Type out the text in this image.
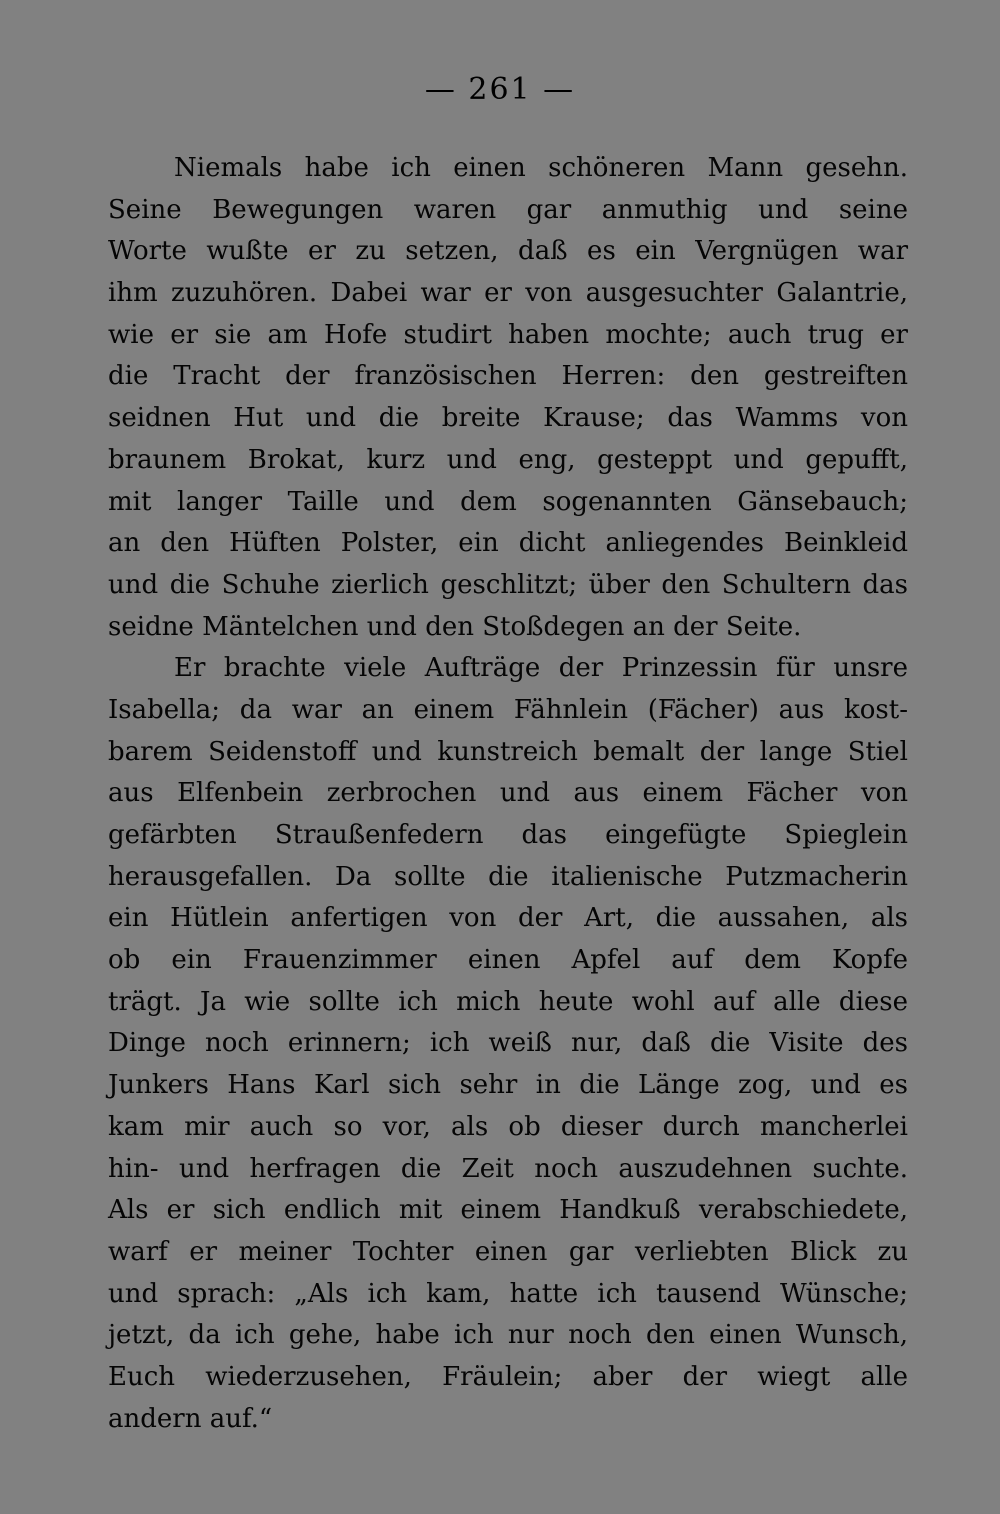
— 261 —
Niemals habe ich einen schöneren Mann gesehn.
Seine Bewegungen waren gar anmuthig und seine
Worte wußte er zu setzen, daß es ein Vergnügen war
ihm zuzuhören. Dabei war er von ausgesuchter Galantrie,
wie er sie am Hofe studirt haben mochte; auch trug er
die Tracht der französischen Herren: den gestreiften
seidnen Hut und die breite Krause; das Wamms von
braunem Brokat, kurz und eng, gesteppt und gepufft,
mit langer Taille und dem sogenannten Gänsebauch;
an den Hüften Polster, ein dicht anliegendes Beinkleid
und die Schuhe zierlich geschlitzt; über den Schultern das
seidne Mäntelchen und den Stoßdegen an der Seite.
Er brachte viele Aufträge der Prinzessin für unsre
Isabella; da war an einem Fähnlein (Fächer) aus kost-
barem Seidenstoff und kunstreich bemalt der lange Stiel
aus Elfenbein zerbrochen und aus einem Fächer von
gefärbten Straußenfedern das eingefügte Spieglein
herausgefallen. Da sollte die italienische Putzmacherin
ein Hütlein anfertigen von der Art, die aussahen, als
ob ein Frauenzimmer einen Apfel auf dem Kopfe
trägt. Ja wie sollte ich mich heute wohl auf alle diese
Dinge noch erinnern; ich weiß nur, daß die Visite des
Junkers Hans Karl sich sehr in die Länge zog, und es
kam mir auch so vor, als ob dieser durch mancherlei
hin- und herfragen die Zeit noch auszudehnen suchte.
Als er sich endlich mit einem Handkuß verabschiedete,
warf er meiner Tochter einen gar verliebten Blick zu
und sprach: „Als ich kam, hatte ich tausend Wünsche;
jetzt, da ich gehe, habe ich nur noch den einen Wunsch,
Euch wiederzusehen, Fräulein; aber der wiegt alle
andern auf.“
